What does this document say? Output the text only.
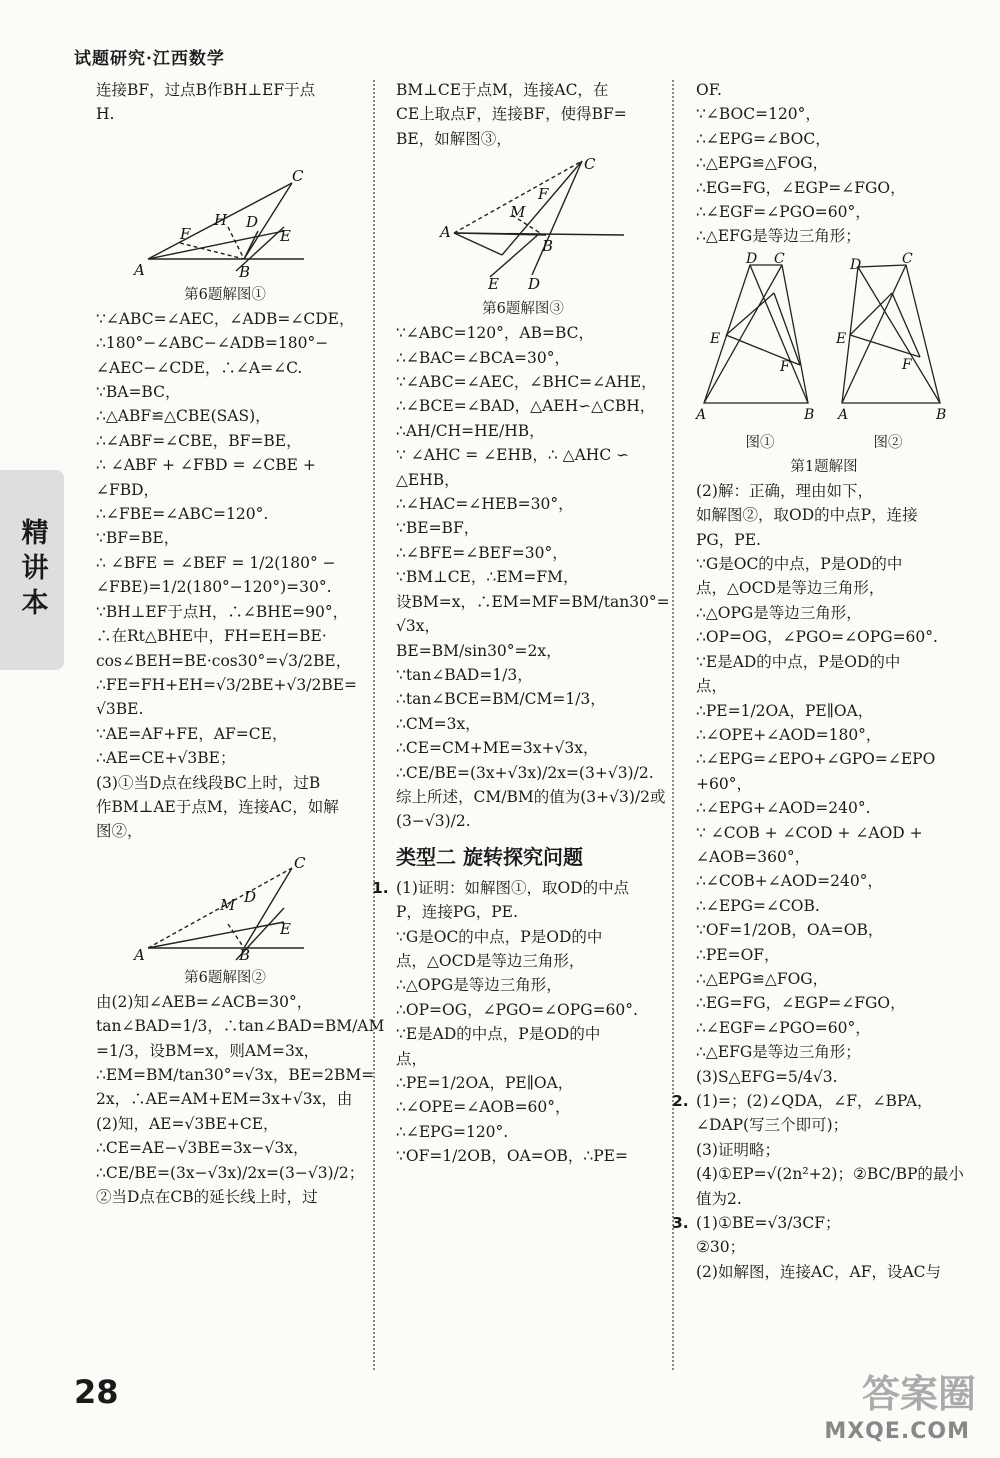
试题研究·江西数学
精讲本
连接BF，过点B作BH⊥EF于点
H.
A	B
C
D
E
F
H
第6题解图①
∵∠ABC=∠AEC，∠ADB=∠CDE，
∴180°−∠ABC−∠ADB=180°−
∠AEC−∠CDE，∴∠A=∠C.
∵BA=BC，
∴△ABF≌△CBE(SAS)，
∴∠ABF=∠CBE，BF=BE，
∴ ∠ABF + ∠FBD = ∠CBE +
∠FBD，
∴∠FBE=∠ABC=120°.
∵BF=BE，
∴ ∠BFE = ∠BEF = 1/2(180° −
∠FBE)=1/2(180°−120°)=30°.
∵BH⊥EF于点H，∴∠BHE=90°，
∴在Rt△BHE中，FH=EH=BE·
cos∠BEH=BE·cos30°=√3/2BE，
∴FE=FH+EH=√3/2BE+√3/2BE=
√3BE.
∵AE=AF+FE，AF=CE，
∴AE=CE+√3BE；
(3)①当D点在线段BC上时，过B
作BM⊥AE于点M，连接AC，如解
图②，
A	B
C
D
E
M
第6题解图②
由(2)知∠AEB=∠ACB=30°，
tan∠BAD=1/3，∴tan∠BAD=BM/AM
=1/3，设BM=x，则AM=3x，
∴EM=BM/tan30°=√3x，BE=2BM=
2x，∴AE=AM+EM=3x+√3x，由
(2)知，AE=√3BE+CE，
∴CE=AE−√3BE=3x−√3x，
∴CE/BE=(3x−√3x)/2x=(3−√3)/2；
②当D点在CB的延长线上时，过
BM⊥CE于点M，连接AC，在
CE上取点F，连接BF，使得BF=
BE，如解图③，
A
B
C
D
E
F
M
第6题解图③
∵∠ABC=120°，AB=BC，
∴∠BAC=∠BCA=30°，
∵∠ABC=∠AEC，∠BHC=∠AHE，
∴∠BCE=∠BAD，△AEH∽△CBH，
∴AH/CH=HE/HB，
∵ ∠AHC = ∠EHB，∴ △AHC ∽
△EHB，
∴∠HAC=∠HEB=30°，
∵BE=BF，
∴∠BFE=∠BEF=30°，
∵BM⊥CE，∴EM=FM，
设BM=x，∴EM=MF=BM/tan30°=
√3x，
BE=BM/sin30°=2x，
∵tan∠BAD=1/3，
∴tan∠BCE=BM/CM=1/3，
∴CM=3x，
∴CE=CM+ME=3x+√3x，
∴CE/BE=(3x+√3x)/2x=(3+√3)/2.
综上所述，CM/BM的值为(3+√3)/2或
(3−√3)/2.
类型二 旋转探究问题
1. (1)证明：如解图①，取OD的中点
P，连接PG，PE.
∵G是OC的中点，P是OD的中
点，△OCD是等边三角形，
∴△OPG是等边三角形，
∴OP=OG，∠PGO=∠OPG=60°.
∵E是AD的中点，P是OD的中
点，
∴PE=1/2OA，PE∥OA，
∴∠OPE=∠AOB=60°，
∴∠EPG=120°.
∵OF=1/2OB，OA=OB，∴PE=
OF.
∵∠BOC=120°，
∴∠EPG=∠BOC，
∴△EPG≌△FOG，
∴EG=FG，∠EGP=∠FGO，
∴∠EGF=∠PGO=60°，
∴△EFG是等边三角形；
A	B
D C
E
F
A	B
D	C
E
F
图①	图②
第1题解图
(2)解：正确，理由如下，
如解图②，取OD的中点P，连接
PG，PE.
∵G是OC的中点，P是OD的中
点，△OCD是等边三角形，
∴△OPG是等边三角形，
∴OP=OG，∠PGO=∠OPG=60°.
∵E是AD的中点，P是OD的中
点，
∴PE=1/2OA，PE∥OA，
∴∠OPE+∠AOD=180°，
∴∠EPG=∠EPO+∠GPO=∠EPO
+60°，
∴∠EPG+∠AOD=240°.
∵ ∠COB + ∠COD + ∠AOD +
∠AOB=360°，
∴∠COB+∠AOD=240°，
∴∠EPG=∠COB.
∵OF=1/2OB，OA=OB，
∴PE=OF，
∴△EPG≌△FOG，
∴EG=FG，∠EGP=∠FGO，
∴∠EGF=∠PGO=60°，
∴△EFG是等边三角形；
(3)S△EFG=5/4√3.
2. (1)=；(2)∠QDA，∠F，∠BPA，
∠DAP(写三个即可)；
(3)证明略；
(4)①EP=√(2n²+2)；②BC/BP的最小
值为2.
3. (1)①BE=√3/3CF；
②30；
(2)如解图，连接AC，AF，设AC与
28	答案圈
MXQE.COM
